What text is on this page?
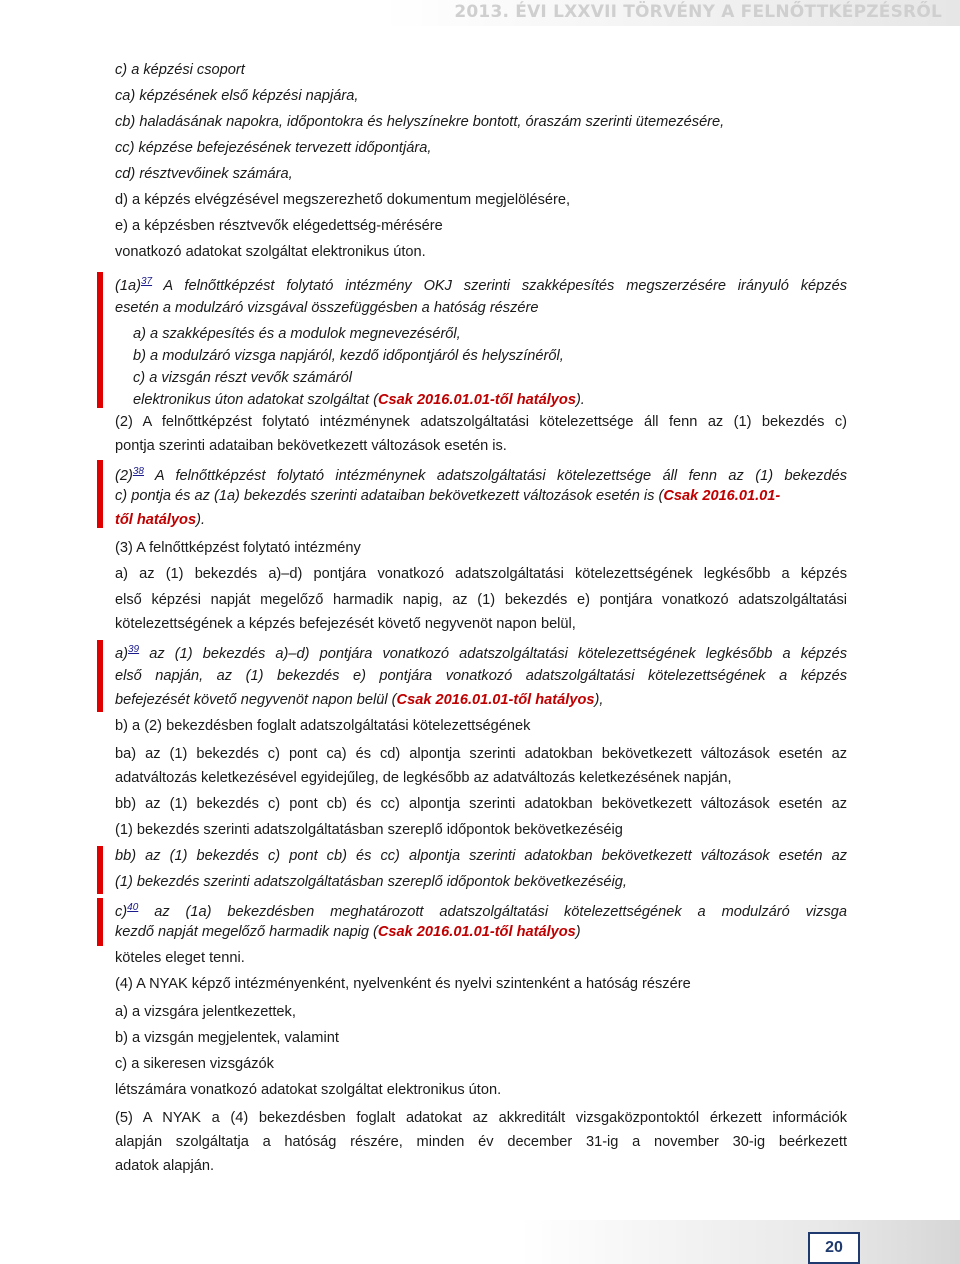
2013. ÉVI LXXVII TÖRVÉNY A FELNŐTTKÉPZÉSRŐL
c) a képzési csoport
ca) képzésének első képzési napjára,
cb) haladásának napokra, időpontokra és helyszínekre bontott, óraszám szerinti ütemezésére,
cc) képzése befejezésének tervezett időpontjára,
cd) résztvevőinek számára,
d) a képzés elvégzésével megszerezhető dokumentum megjelölésére,
e) a képzésben résztvevők elégedettség-mérésére
vonatkozó adatokat szolgáltat elektronikus úton.
(1a)$^{37}$ A felnőttképzést folytató intézmény OKJ szerinti szakképesítés megszerzésére irányuló képzés
esetén a modulzáró vizsgával összefüggésben a hatóság részére
a) a szakképesítés és a modulok megnevezéséről,
b) a modulzáró vizsga napjáról, kezdő időpontjáról és helyszínéről,
c) a vizsgán részt vevők számáról
elektronikus úton adatokat szolgáltat (Csak 2016.01.01-től hatályos).
(2) A felnőttképzést folytató intézménynek adatszolgáltatási kötelezettsége áll fenn az (1) bekezdés c)
pontja szerinti adataiban bekövetkezett változások esetén is.
(2)$^{38}$ A felnőttképzést folytató intézménynek adatszolgáltatási kötelezettsége áll fenn az (1) bekezdés
c) pontja és az (1a) bekezdés szerinti adataiban bekövetkezett változások esetén is (Csak 2016.01.01-
től hatályos).
(3) A felnőttképzést folytató intézmény
a) az (1) bekezdés a)–d) pontjára vonatkozó adatszolgáltatási kötelezettségének legkésőbb a képzés
első képzési napját megelőző harmadik napig, az (1) bekezdés e) pontjára vonatkozó adatszolgáltatási
kötelezettségének a képzés befejezését követő negyvenöt napon belül,
a)$^{39}$ az (1) bekezdés a)–d) pontjára vonatkozó adatszolgáltatási kötelezettségének legkésőbb a képzés
első napján, az (1) bekezdés e) pontjára vonatkozó adatszolgáltatási kötelezettségének a képzés
befejezését követő negyvenöt napon belül (Csak 2016.01.01-től hatályos),
b) a (2) bekezdésben foglalt adatszolgáltatási kötelezettségének
ba) az (1) bekezdés c) pont ca) és cd) alpontja szerinti adatokban bekövetkezett változások esetén az
adatváltozás keletkezésével egyidejűleg, de legkésőbb az adatváltozás keletkezésének napján,
bb) az (1) bekezdés c) pont cb) és cc) alpontja szerinti adatokban bekövetkezett változások esetén az
(1) bekezdés szerinti adatszolgáltatásban szereplő időpontok bekövetkezéséig
bb) az (1) bekezdés c) pont cb) és cc) alpontja szerinti adatokban bekövetkezett változások esetén az
(1) bekezdés szerinti adatszolgáltatásban szereplő időpontok bekövetkezéséig,
c)$^{40}$ az (1a) bekezdésben meghatározott adatszolgáltatási kötelezettségének a modulzáró vizsga
kezdő napját megelőző harmadik napig (Csak 2016.01.01-től hatályos)
köteles eleget tenni.
(4) A NYAK képző intézményenként, nyelvenként és nyelvi szintenként a hatóság részére
a) a vizsgára jelentkezettek,
b) a vizsgán megjelentek, valamint
c) a sikeresen vizsgázók
létszámára vonatkozó adatokat szolgáltat elektronikus úton.
(5) A NYAK a (4) bekezdésben foglalt adatokat az akkreditált vizsgaközpontoktól érkezett információk
alapján szolgáltatja a hatóság részére, minden év december 31-ig a november 30-ig beérkezett
adatok alapján.
20
